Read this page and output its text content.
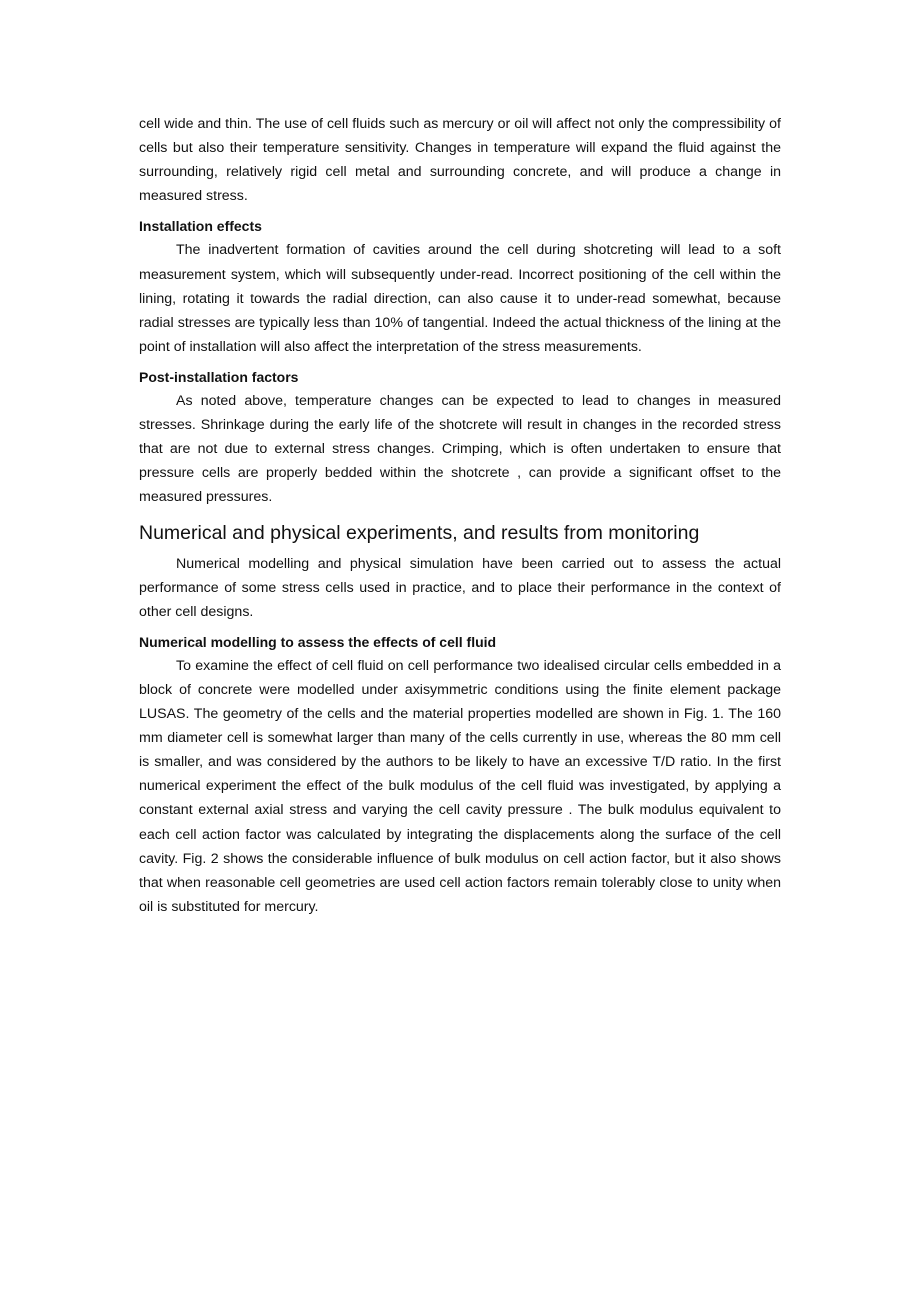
cell wide and thin. The use of cell fluids such as mercury or oil will affect not only the compressibility of cells but also their temperature sensitivity. Changes in temperature will expand the fluid against the surrounding, relatively rigid cell metal and surrounding concrete, and will produce a change in measured stress.

Installation effects

The inadvertent formation of cavities around the cell during shotcreting will lead to a soft measurement system, which will subsequently under-read. Incorrect positioning of the cell within the lining, rotating it towards the radial direction, can also cause it to under-read somewhat, because radial stresses are typically less than 10% of tangential. Indeed the actual thickness of the lining at the point of installation will also affect the interpretation of the stress measurements.

Post-installation factors

As noted above, temperature changes can be expected to lead to changes in measured stresses. Shrinkage during the early life of the shotcrete will result in changes in the recorded stress that are not due to external stress changes. Crimping, which is often undertaken to ensure that pressure cells are properly bedded within the shotcrete , can provide a significant offset to the measured pressures.

Numerical and physical experiments, and results from monitoring

Numerical modelling and physical simulation have been carried out to assess the actual performance of some stress cells used in practice, and to place their performance in the context of other cell designs.

Numerical modelling to assess the effects of cell fluid

To examine the effect of cell fluid on cell performance two idealised circular cells embedded in a block of concrete were modelled under axisymmetric conditions using the finite element package LUSAS. The geometry of the cells and the material properties modelled are shown in Fig. 1. The 160 mm diameter cell is somewhat larger than many of the cells currently in use, whereas the 80 mm cell is smaller, and was considered by the authors to be likely to have an excessive T/D ratio. In the first numerical experiment the effect of the bulk modulus of the cell fluid was investigated, by applying a constant external axial stress and varying the cell cavity pressure . The bulk modulus equivalent to each cell action factor was calculated by integrating the displacements along the surface of the cell cavity. Fig. 2 shows the considerable influence of bulk modulus on cell action factor, but it also shows that when reasonable cell geometries are used cell action factors remain tolerably close to unity when oil is substituted for mercury.
